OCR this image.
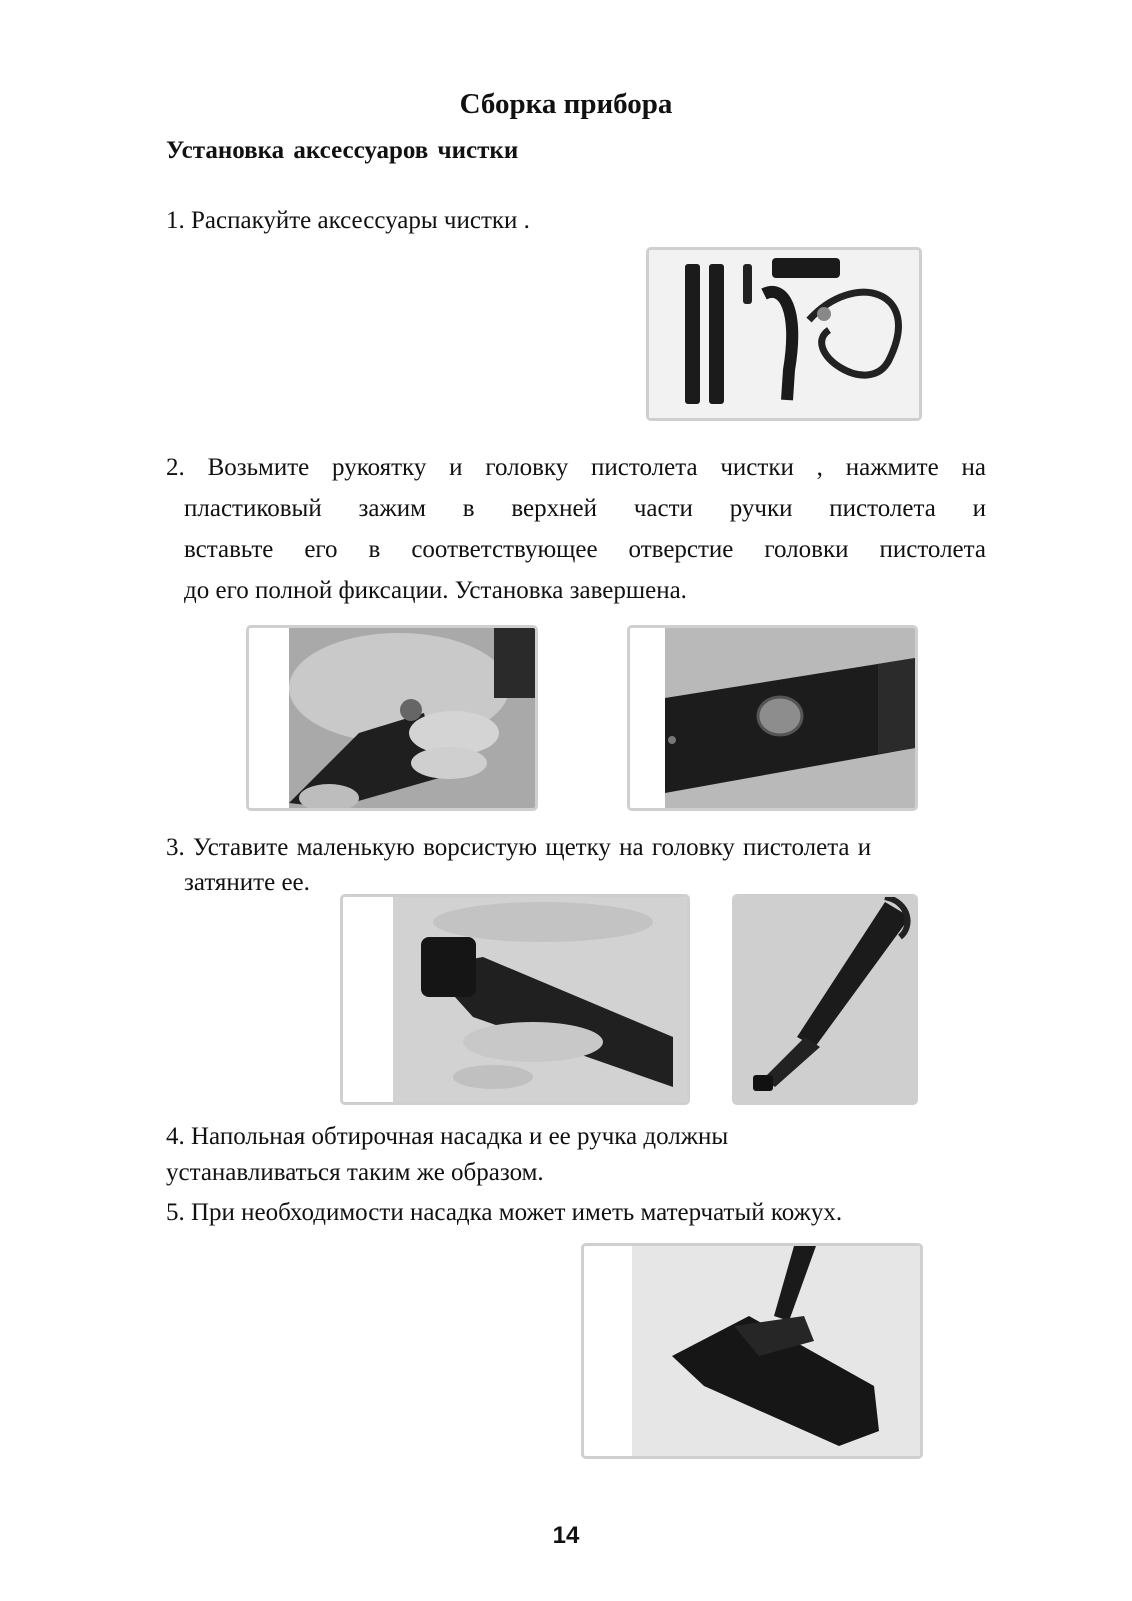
Сборка прибора
Установка аксессуаров чистки

1. Распакуйте аксессуары чистки .

2. Возьмите рукоятку и головку пистолета чистки , нажмите на

пластиковый зажим в верхней части ручки пистолета и

вставьте его в соответствующее отверстие головки пистолета

до его полной фиксации. Установка завершена.

3. Уставите маленькую ворсистую щетку на головку пистолета и

затяните ее.

4. Напольная обтирочная насадка и ее ручка должны

устанавливаться таким же образом.

5. При необходимости насадка может иметь матерчатый кожух.

14
